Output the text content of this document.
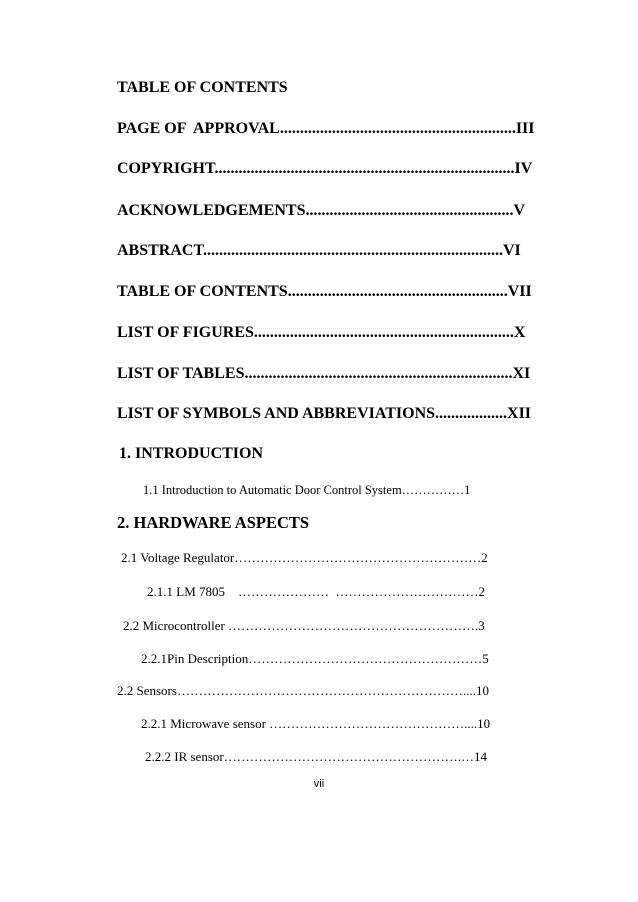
TABLE OF CONTENTS
PAGE OF  APPROVAL...........................................................III
COPYRIGHT...........................................................................IV
ACKNOWLEDGEMENTS....................................................V
ABSTRACT...........................................................................VI
TABLE OF CONTENTS.......................................................VII
LIST OF FIGURES.................................................................X
LIST OF TABLES...................................................................XI
LIST OF SYMBOLS AND ABBREVIATIONS..................XII
1. INTRODUCTION
1.1 Introduction to Automatic Door Control System……………1
2. HARDWARE ASPECTS
2.1 Voltage Regulator…………………………………………………2
2.1.1 LM 7805    …………………  ……………………………2
2.2 Microcontroller ………………………………………………….3
2.2.1Pin Description………………………………………………5
2.2 Sensors…………………………………………………………....10
2.2.1 Microwave sensor ………………………………………....10
2.2.2 IR sensor……………………………………………….…14
vii
